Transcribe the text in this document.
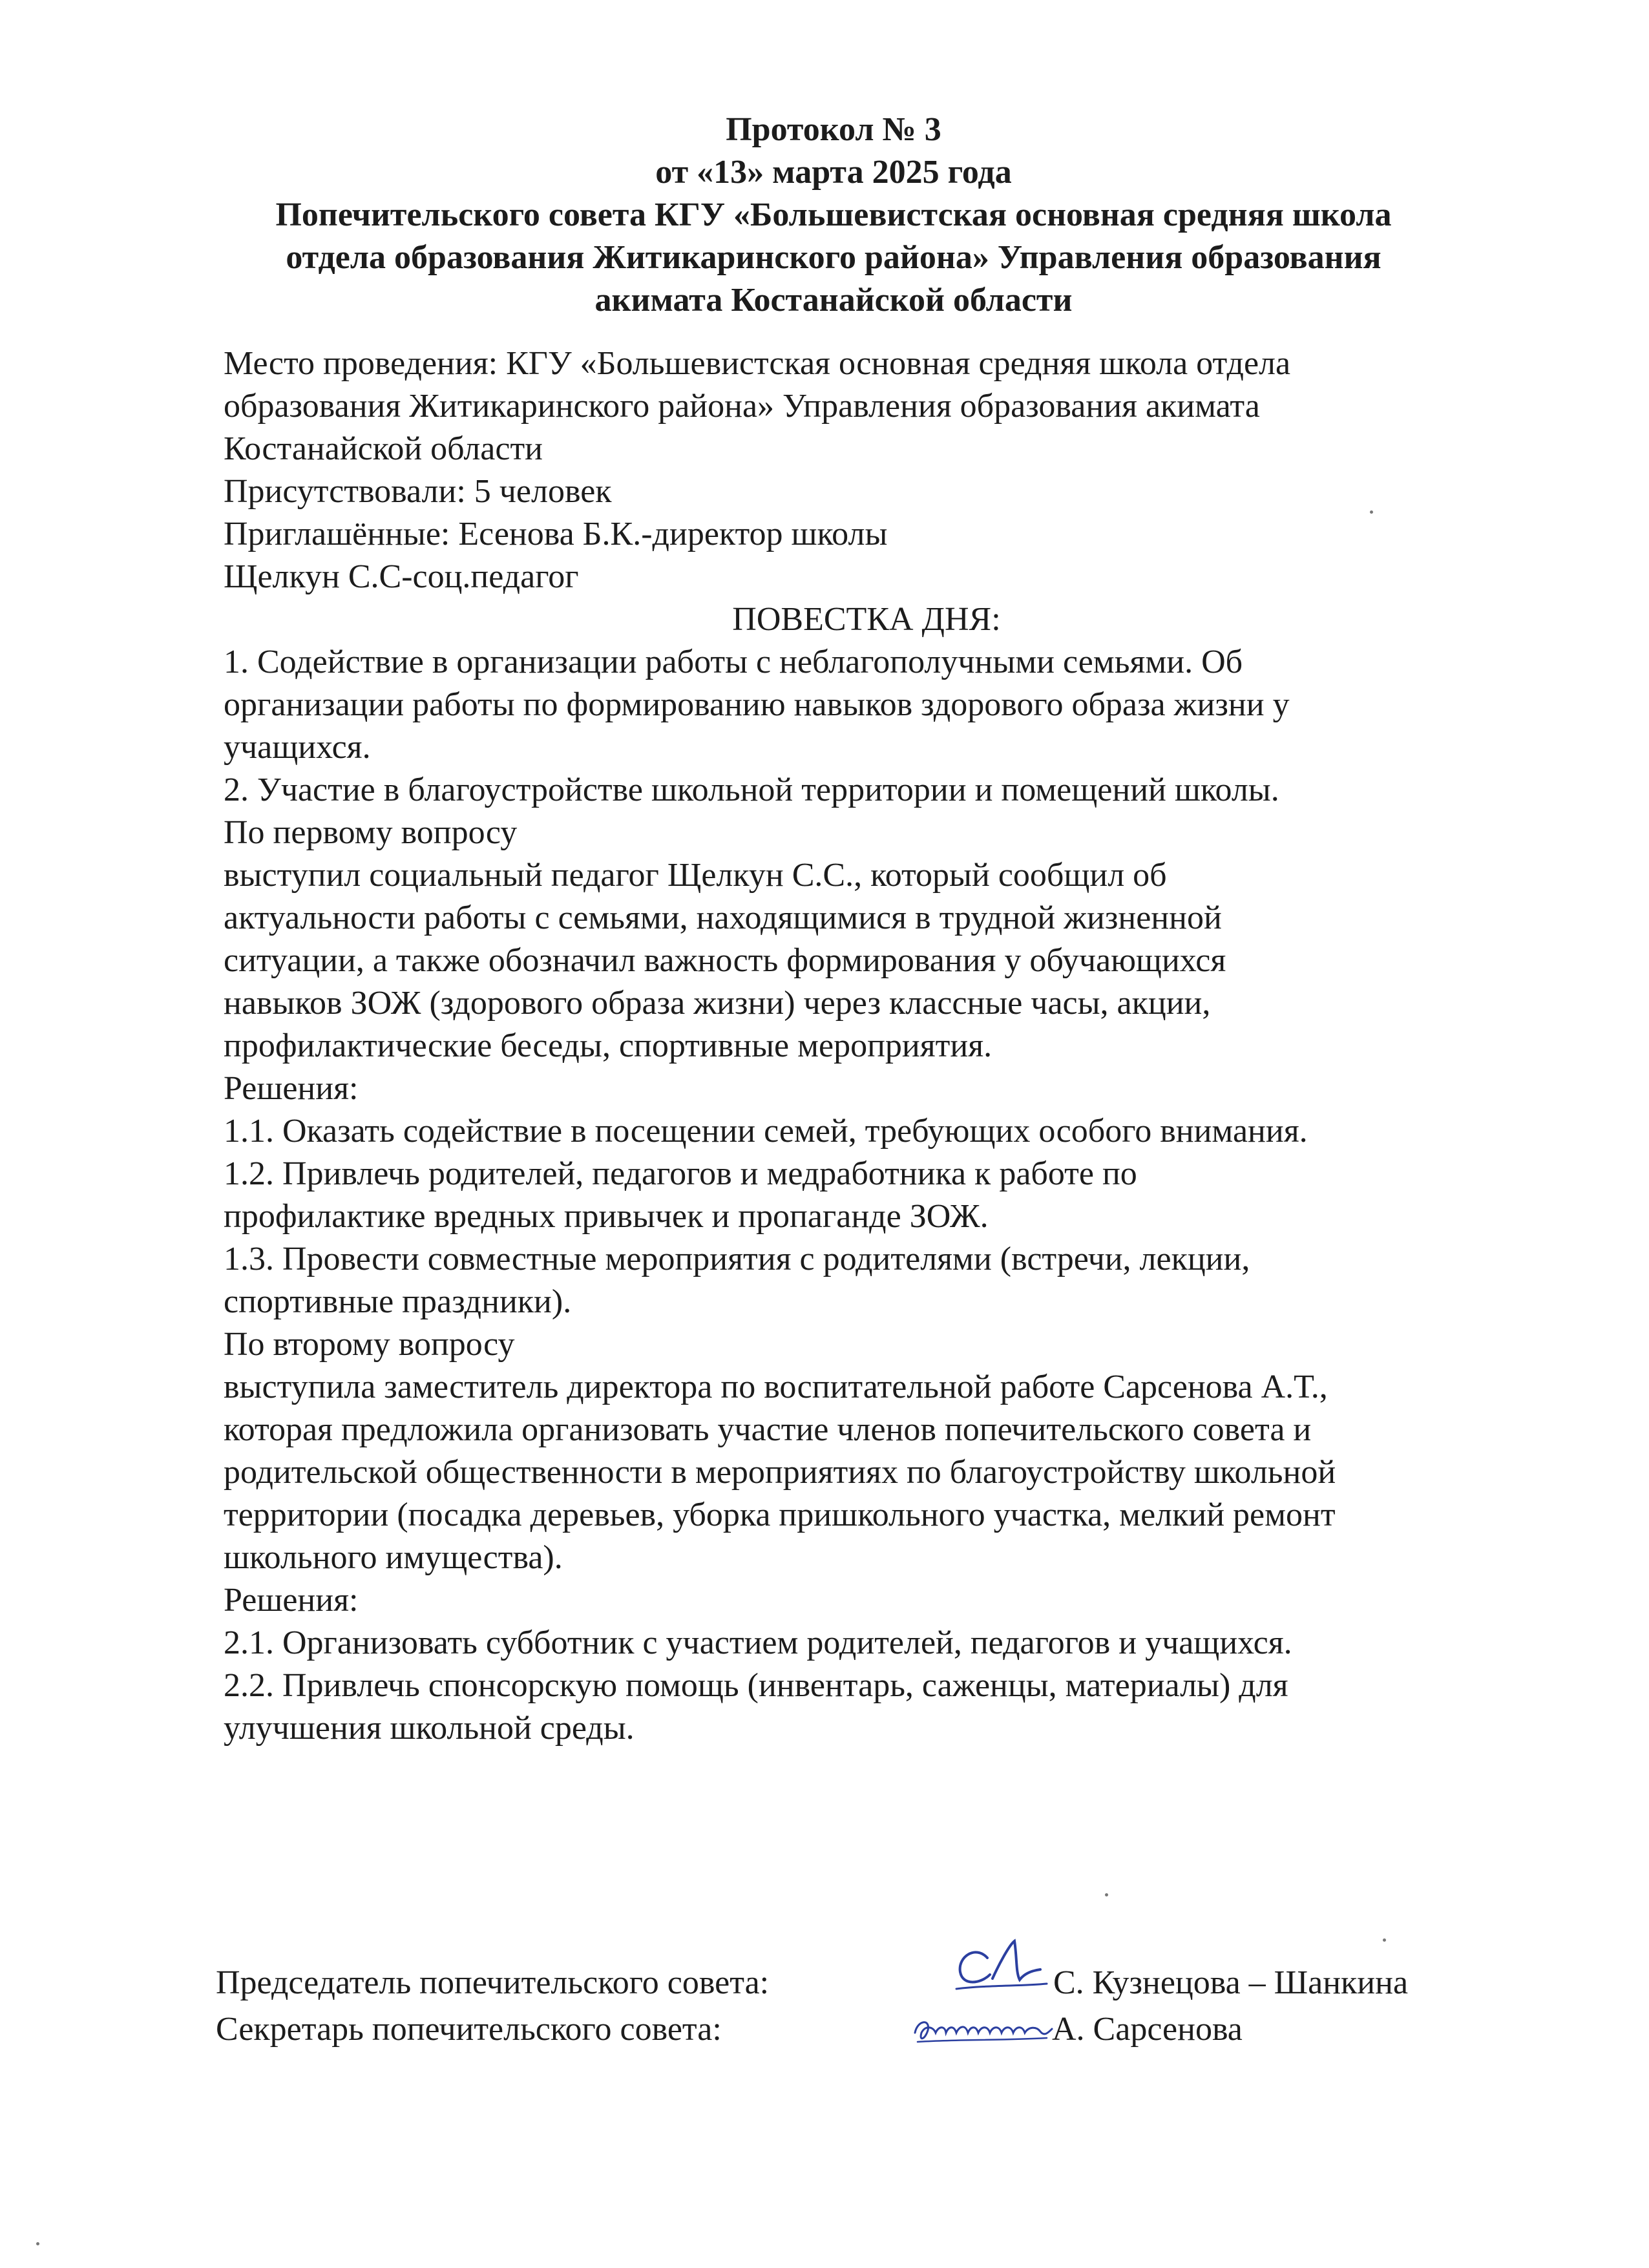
Протокол № 3
от «13» марта 2025 года
Попечительского совета КГУ «Большевистская основная средняя школа
отдела образования Житикаринского района» Управления образования
акимата Костанайской области
Место проведения: КГУ «Большевистская основная средняя школа отдела
образования Житикаринского района» Управления образования акимата
Костанайской области
Присутствовали: 5 человек
Приглашённые: Есенова Б.К.-директор школы
Щелкун С.С-соц.педагог
ПОВЕСТКА ДНЯ:
1. Содействие в организации работы с неблагополучными семьями. Об
организации работы по формированию навыков здорового образа жизни у
учащихся.
2. Участие в благоустройстве школьной территории и помещений школы.
По первому вопросу
выступил социальный педагог Щелкун С.С., который сообщил об
актуальности работы с семьями, находящимися в трудной жизненной
ситуации, а также обозначил важность формирования у обучающихся
навыков ЗОЖ (здорового образа жизни) через классные часы, акции,
профилактические беседы, спортивные мероприятия.
Решения:
1.1. Оказать содействие в посещении семей, требующих особого внимания.
1.2. Привлечь родителей, педагогов и медработника к работе по
профилактике вредных привычек и пропаганде ЗОЖ.
1.3. Провести совместные мероприятия с родителями (встречи, лекции,
спортивные праздники).
По второму вопросу
выступила заместитель директора по воспитательной работе Сарсенова А.Т.,
которая предложила организовать участие членов попечительского совета и
родительской общественности в мероприятиях по благоустройству школьной
территории (посадка деревьев, уборка пришкольного участка, мелкий ремонт
школьного имущества).
Решения:
2.1. Организовать субботник с участием родителей, педагогов и учащихся.
2.2. Привлечь спонсорскую помощь (инвентарь, саженцы, материалы) для
улучшения школьной среды.
Председатель попечительского совета:	С. Кузнецова – Шанкина
Секретарь попечительского совета:	А. Сарсенова
